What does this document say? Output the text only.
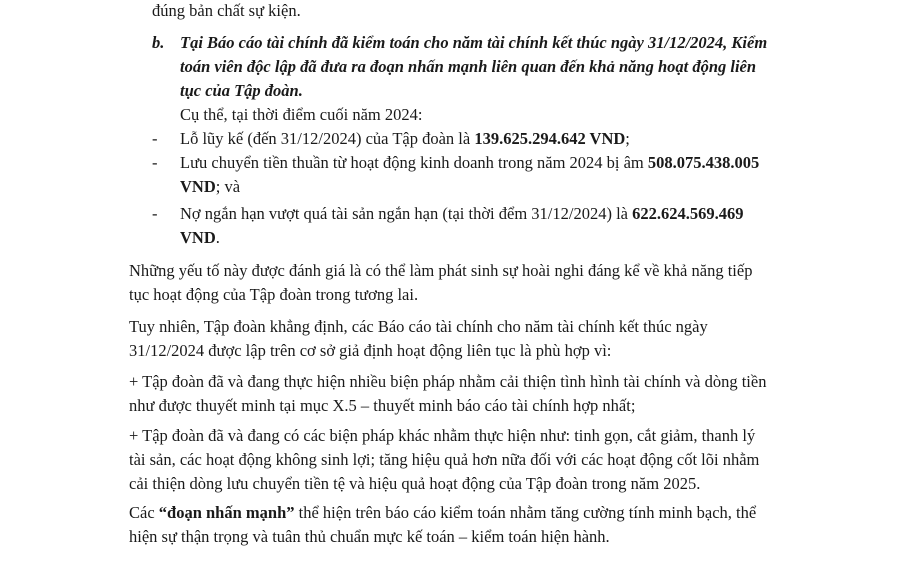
đúng bản chất sự kiện.
b. Tại Báo cáo tài chính đã kiểm toán cho năm tài chính kết thúc ngày 31/12/2024, Kiểm
toán viên độc lập đã đưa ra đoạn nhấn mạnh liên quan đến khả năng hoạt động liên
tục của Tập đoàn.
Cụ thể, tại thời điểm cuối năm 2024:
- Lỗ lũy kế (đến 31/12/2024) của Tập đoàn là 139.625.294.642 VND;
- Lưu chuyển tiền thuần từ hoạt động kinh doanh trong năm 2024 bị âm 508.075.438.005
VND; và
- Nợ ngắn hạn vượt quá tài sản ngắn hạn (tại thời đểm 31/12/2024) là 622.624.569.469
VND.
Những yếu tố này được đánh giá là có thể làm phát sinh sự hoài nghi đáng kể về khả năng tiếp
tục hoạt động của Tập đoàn trong tương lai.
Tuy nhiên, Tập đoàn khẳng định, các Báo cáo tài chính cho năm tài chính kết thúc ngày
31/12/2024 được lập trên cơ sở giả định hoạt động liên tục là phù hợp vì:
+ Tập đoàn đã và đang thực hiện nhiều biện pháp nhằm cải thiện tình hình tài chính và dòng tiền
như được thuyết minh tại mục X.5 – thuyết minh báo cáo tài chính hợp nhất;
+ Tập đoàn đã và đang có các biện pháp khác nhằm thực hiện như: tinh gọn, cắt giảm, thanh lý
tài sản, các hoạt động không sinh lợi; tăng hiệu quả hơn nữa đối với các hoạt động cốt lõi nhằm
cải thiện dòng lưu chuyển tiền tệ và hiệu quả hoạt động của Tập đoàn trong năm 2025.
Các “đoạn nhấn mạnh” thể hiện trên báo cáo kiểm toán nhằm tăng cường tính minh bạch, thể
hiện sự thận trọng và tuân thủ chuẩn mực kế toán – kiểm toán hiện hành.
